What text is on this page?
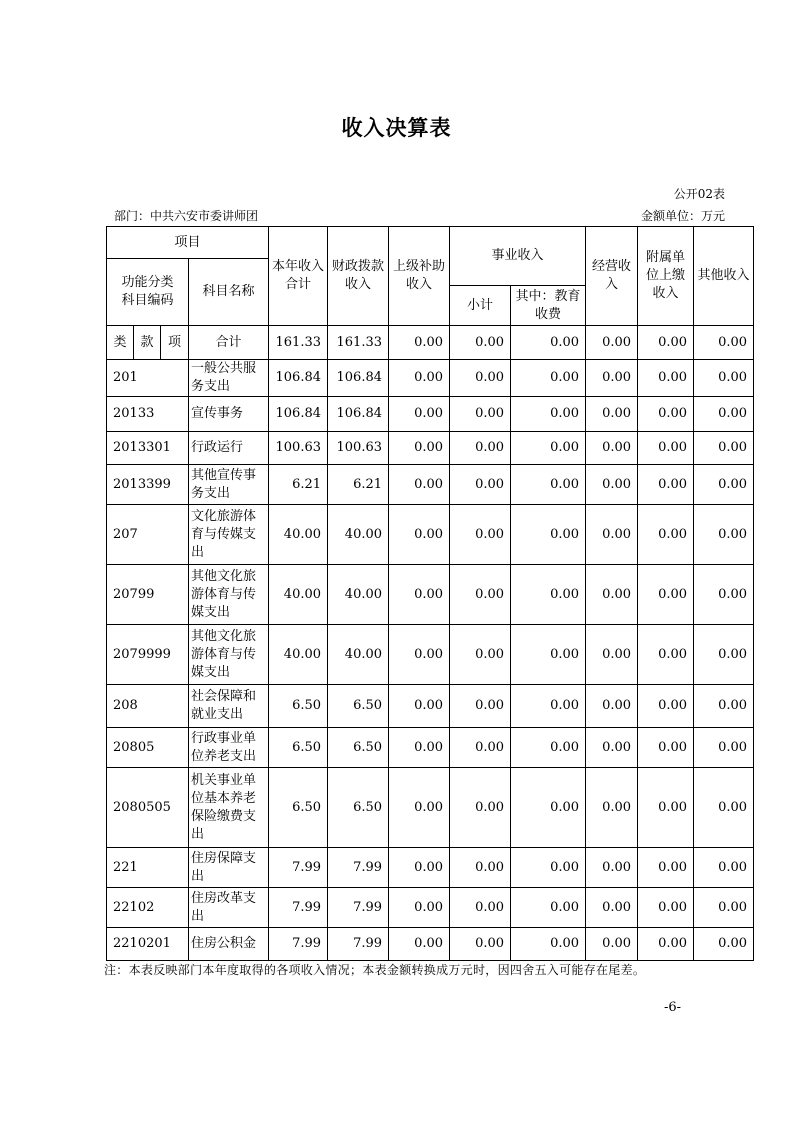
收入决算表
公开02表
部门：中共六安市委讲师团	金额单位：万元
项目				本年收入合计	财政拨款收入	上级补助收入	事业收入		经营收入	附属单位上缴收入	其他收入
功能分类
科目编码			科目名称								
							小计	其中：教育收费			
类	款	项	合计	161.33	161.33	0.00	0.00	0.00	0.00	0.00	0.00
201			一般公共服务支出	106.84	106.84	0.00	0.00	0.00	0.00	0.00	0.00
20133			宣传事务	106.84	106.84	0.00	0.00	0.00	0.00	0.00	0.00
2013301			行政运行	100.63	100.63	0.00	0.00	0.00	0.00	0.00	0.00
2013399			其他宣传事务支出	6.21	6.21	0.00	0.00	0.00	0.00	0.00	0.00
207			文化旅游体育与传媒支出	40.00	40.00	0.00	0.00	0.00	0.00	0.00	0.00
20799			其他文化旅游体育与传媒支出	40.00	40.00	0.00	0.00	0.00	0.00	0.00	0.00
2079999			其他文化旅游体育与传媒支出	40.00	40.00	0.00	0.00	0.00	0.00	0.00	0.00
208			社会保障和就业支出	6.50	6.50	0.00	0.00	0.00	0.00	0.00	0.00
20805			行政事业单位养老支出	6.50	6.50	0.00	0.00	0.00	0.00	0.00	0.00
2080505			机关事业单位基本养老保险缴费支出	6.50	6.50	0.00	0.00	0.00	0.00	0.00	0.00
221			住房保障支出	7.99	7.99	0.00	0.00	0.00	0.00	0.00	0.00
22102			住房改革支出	7.99	7.99	0.00	0.00	0.00	0.00	0.00	0.00
2210201			住房公积金	7.99	7.99	0.00	0.00	0.00	0.00	0.00	0.00
注：本表反映部门本年度取得的各项收入情况；本表金额转换成万元时，因四舍五入可能存在尾差。
-6-
